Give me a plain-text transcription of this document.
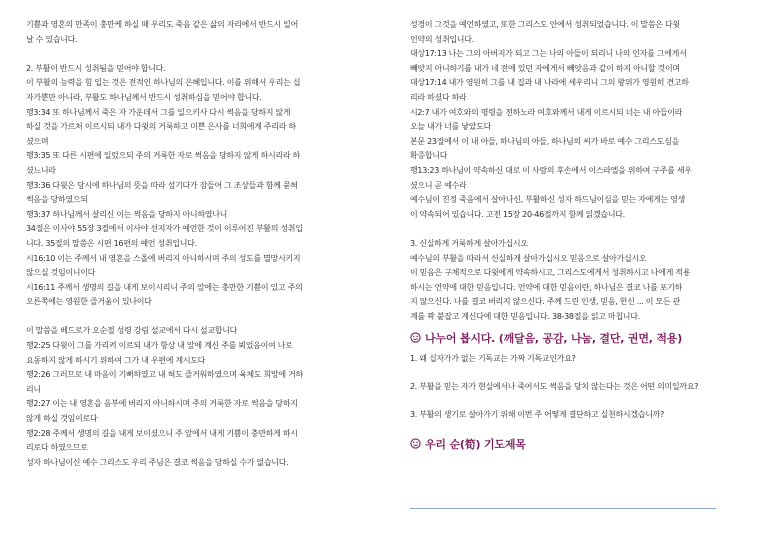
기쁨과 영혼의 만족이 충만케 하실 때 우리도 죽음 같은 삶의 자리에서 반드시 일어

날 수 있습니다.

2. 부활이 반드시 성취됨을 믿어야 합니다.

이 부활의 능력을 힘 입는 것은 전적인 하나님의 은혜입니다. 이를 위해서 우리는 십

자가뿐만 아니라, 부활도 하나님께서 반드시 성취하심을 믿어야 합니다.

행3:34 또 하나님께서 죽은 자 가운데서 그를 일으키사 다시 썩음을 당하지 않게

하실 것을 가르쳐 이르시되 내가 다윗의 거룩하고 미쁜 은사를 너희에게 주리라 하

셨으며

행3:35 또 다른 시편에 일렀으되 주의 거룩한 자로 썩음을 당하지 않게 하시리라 하

셨느니라

행3:36 다윗은 당시에 하나님의 뜻을 따라 섬기다가 잠들어 그 조상들과 함께 묻혀

썩음을 당하였으되

행3:37 하나님께서 살리신 이는 썩음을 당하지 아니하였나니

34절은 이사야 55장 3절에서 이사야 선지자가 예언한 것이 이루어진 부활의 성취입

니다. 35절의 말씀은 시편 16편의 예언 성취입니다.

시16:10 이는 주께서 내 영혼을 스올에 버리지 아니하시며 주의 성도를 멸망시키지

않으실 것임이니이다

시16:11 주께서 생명의 길을 내게 보이시리니 주의 앞에는 충만한 기쁨이 있고 주의

오른쪽에는 영원한 즐거움이 있나이다

이 말씀을 베드로가 오순절 성령 강림 설교에서 다시 설교합니다

행2:25 다윗이 그를 가리켜 이르되 내가 항상 내 앞에 계신 주를 뵈었음이여 나로

요동하지 않게 하시기 위하여 그가 내 우편에 계시도다

행2:26 그러므로 내 마음이 기뻐하였고 내 혀도 즐거워하였으며 육체도 희망에 거하

리니

행2:27 이는 내 영혼을 음부에 버리지 아니하시며 주의 거룩한 자로 썩음을 당하지

않게 하실 것임이로다

행2:28 주께서 생명의 길을 내게 보이셨으니 주 앞에서 내게 기쁨이 충만하게 하시

리로다 하였으므로

성자 하나님이신 예수 그리스도 우리 주님은 결코 썩음을 당하실 수가 없습니다.

성경이 그것을 예언하였고, 또한 그리스도 안에서 성취되었습니다. 이 말씀은 다윗

언약의 성취입니다.

대상17:13 나는 그의 아버지가 되고 그는 나의 아들이 되리니 나의 인자를 그에게서

빼앗지 아니하기를 내가 네 전에 있던 자에게서 빼앗음과 같이 하지 아니할 것이며

대상17:14 내가 영원히 그를 내 집과 내 나라에 세우리니 그의 왕위가 영원히 견고하

리라 하셨다 하라

시2:7 내가 여호와의 명령을 전하노라 여호와께서 내게 이르시되 너는 내 아들이라

오늘 내가 너를 낳았도다

본문 23절에서 이 내 아들, 하나님의 아들, 하나님의 씨가 바로 예수 그리스도심을

확증합니다

행13:23 하나님이 약속하신 대로 이 사람의 후손에서 이스라엘을 위하여 구주를 세우

셨으니 곧 예수라

예수님이 진정 죽음에서 살아나신, 부활하신 성자 하드님이심을 믿는 자에게는 영생

이 약속되어 있습니다. 고전 15장 20-46절까지 함께 읽겠습니다.

3. 신실하게 거룩하게 살아가십시오

예수님의 부활을 따라서 신실하게 살아가십시오 믿음으로 살아가십시오

이 믿음은 구체적으로 다윗에게 약속하시고, 그리스도에게서 성취하시고 나에게 적용

하시는 언약에 대한 믿음입니다. 언약에 대한 믿음이란, 하나님은 결코 나를 포기하

지 않으신다. 나를 결코 버리지 않으신다. 주께 드린 인생, 믿음, 헌신 ... 이 모든 관

계를 꽉 붙잡고 계신다에 대한 믿음입니다. 38-38절을 읽고 마칩니다.

나누어 봅시다. (깨달음, 공감, 나눔, 결단, 권면, 적용)

1. 왜 십자가가 없는 기독교는 가짜 기독교인가요?

2. 부활을 믿는 자가 현실에서나 죽어서도 썩음을 당치 않는다는 것은 어떤 의미일까요?

3. 부활의 생기로 살아가기 위해 이번 주 어떻게 결단하고 실천하시겠습니까?

우리 순(筍) 기도제목
